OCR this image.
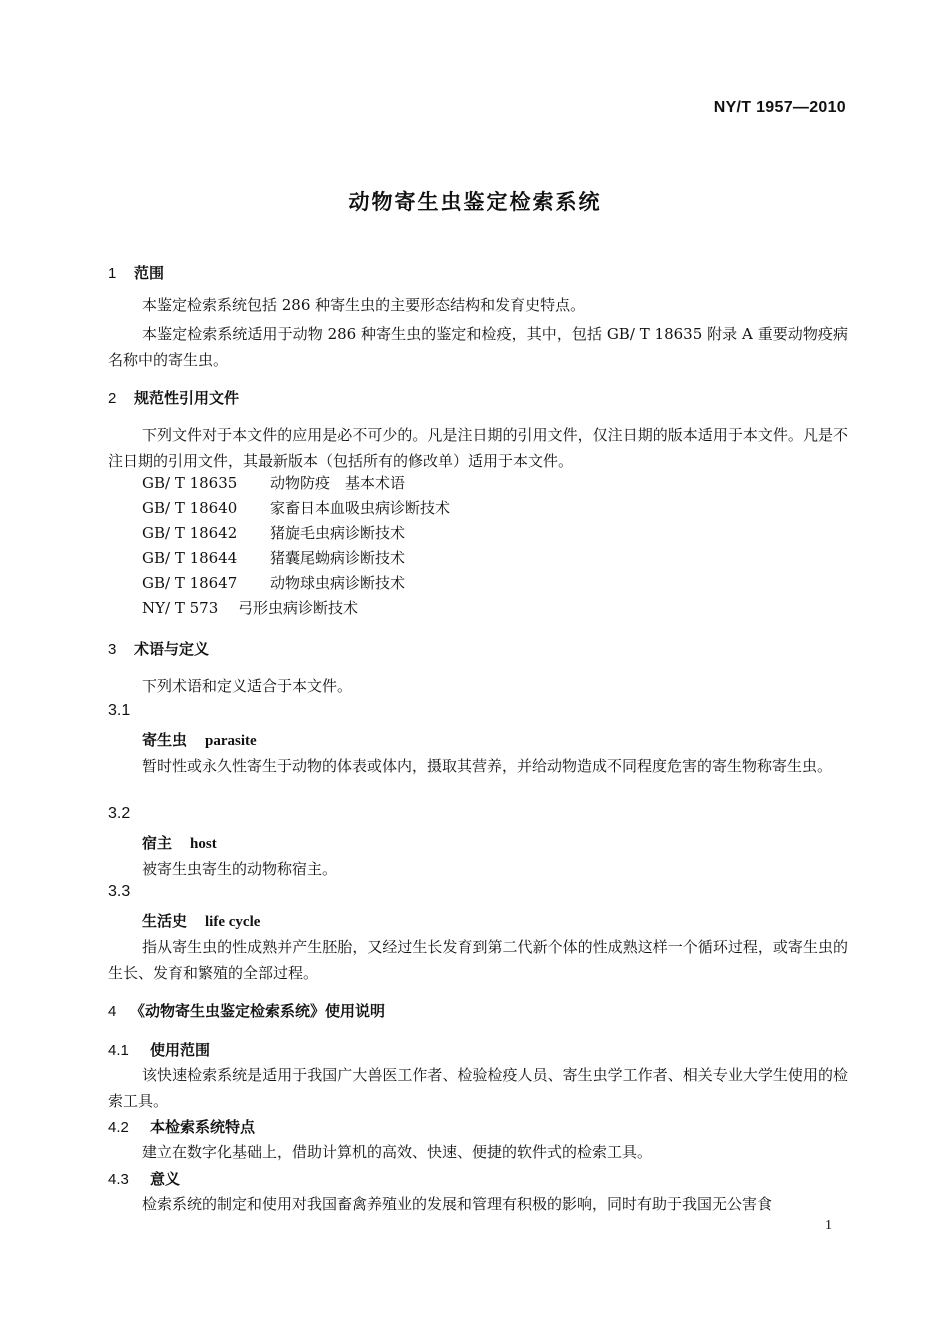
NY/T 1957—2010
动物寄生虫鉴定检索系统
1 范围
本鉴定检索系统包括 286 种寄生虫的主要形态结构和发育史特点。
本鉴定检索系统适用于动物 286 种寄生虫的鉴定和检疫，其中，包括 GB/ T 18635 附录 A 重要动物疫病名称中的寄生虫。
2 规范性引用文件
下列文件对于本文件的应用是必不可少的。凡是注日期的引用文件，仅注日期的版本适用于本文件。凡是不注日期的引用文件，其最新版本（包括所有的修改单）适用于本文件。
GB/ T 18635 动物防疫　基本术语
GB/ T 18640 家畜日本血吸虫病诊断技术
GB/ T 18642 猪旋毛虫病诊断技术
GB/ T 18644 猪囊尾蚴病诊断技术
GB/ T 18647 动物球虫病诊断技术
NY/ T 573 弓形虫病诊断技术
3 术语与定义
下列术语和定义适合于本文件。
3.1
寄生虫 parasite
暂时性或永久性寄生于动物的体表或体内，摄取其营养，并给动物造成不同程度危害的寄生物称寄生虫。
3.2
宿主 host
被寄生虫寄生的动物称宿主。
3.3
生活史 life cycle
指从寄生虫的性成熟并产生胚胎，又经过生长发育到第二代新个体的性成熟这样一个循环过程，或寄生虫的生长、发育和繁殖的全部过程。
4 《动物寄生虫鉴定检索系统》使用说明
4.1 使用范围
该快速检索系统是适用于我国广大兽医工作者、检验检疫人员、寄生虫学工作者、相关专业大学生使用的检索工具。
4.2 本检索系统特点
建立在数字化基础上，借助计算机的高效、快速、便捷的软件式的检索工具。
4.3 意义
检索系统的制定和使用对我国畜禽养殖业的发展和管理有积极的影响，同时有助于我国无公害食
1
